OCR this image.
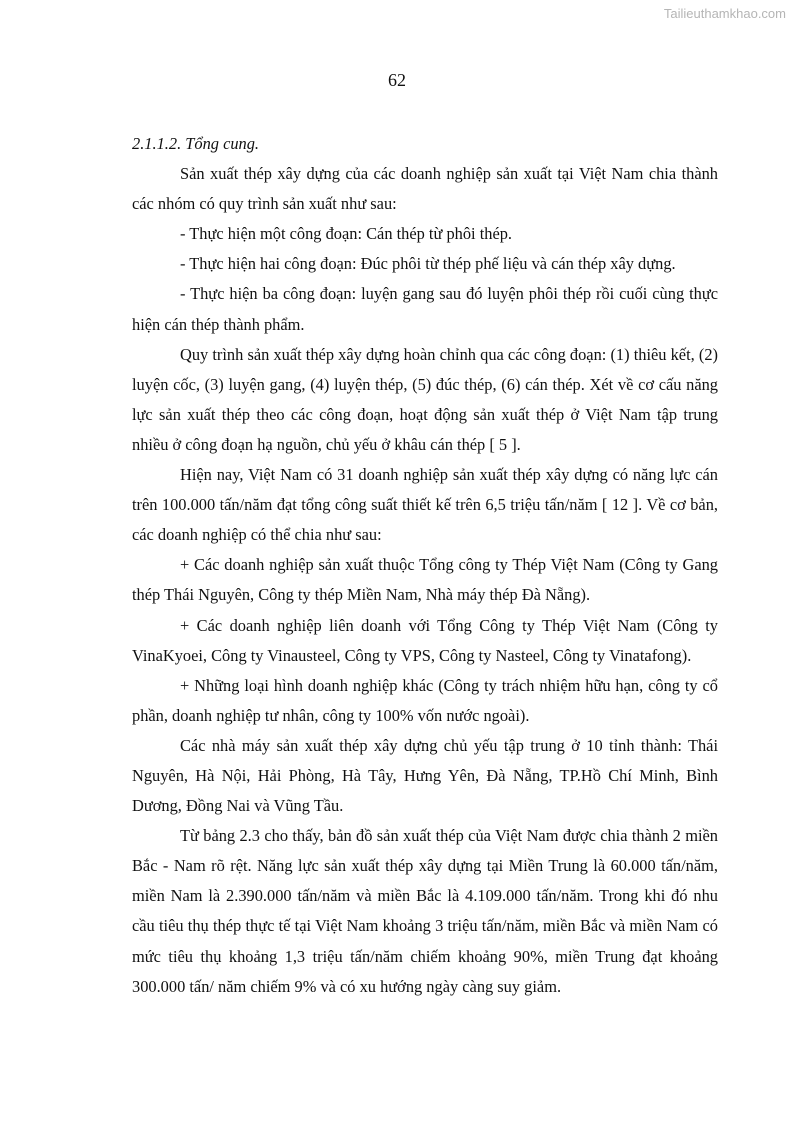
Tailieuthamkhao.com
62
2.1.1.2. Tổng cung.

Sản xuất thép xây dựng của các doanh nghiệp sản xuất tại Việt Nam chia thành các nhóm có quy trình sản xuất như sau:

- Thực hiện một công đoạn: Cán thép từ phôi thép.

- Thực hiện hai công đoạn: Đúc phôi từ thép phế liệu và cán thép xây dựng.

- Thực hiện ba công đoạn: luyện gang sau đó luyện phôi thép rồi cuối cùng thực hiện cán thép thành phẩm.

Quy trình sản xuất thép xây dựng hoàn chỉnh qua các công đoạn: (1) thiêu kết, (2) luyện cốc, (3) luyện gang, (4) luyện thép, (5) đúc thép, (6) cán thép. Xét về cơ cấu năng lực sản xuất thép theo các công đoạn, hoạt động sản xuất thép ở Việt Nam tập trung nhiều ở công đoạn hạ nguồn, chủ yếu ở khâu cán thép [ 5 ].

Hiện nay, Việt Nam có 31 doanh nghiệp sản xuất thép xây dựng có năng lực cán trên 100.000 tấn/năm đạt tổng công suất thiết kế trên 6,5 triệu tấn/năm [ 12 ]. Về cơ bản, các doanh nghiệp có thể chia như sau:

+ Các doanh nghiệp sản xuất thuộc Tổng công ty Thép Việt Nam (Công ty Gang thép Thái Nguyên, Công ty thép Miền Nam, Nhà máy thép Đà Nẵng).

+ Các doanh nghiệp liên doanh với Tổng Công ty Thép Việt Nam (Công ty VinaKyoei, Công ty Vinausteel, Công ty VPS, Công ty Nasteel, Công ty Vinatafong).

+ Những loại hình doanh nghiệp khác (Công ty trách nhiệm hữu hạn, công ty cổ phần, doanh nghiệp tư nhân, công ty 100% vốn nước ngoài).

Các nhà máy sản xuất thép xây dựng chủ yếu tập trung ở 10 tỉnh thành: Thái Nguyên, Hà Nội, Hải Phòng, Hà Tây, Hưng Yên, Đà Nẵng, TP.Hồ Chí Minh, Bình Dương, Đồng Nai và Vũng Tầu.

Từ bảng 2.3 cho thấy, bản đồ sản xuất thép của Việt Nam được chia thành 2 miền Bắc - Nam rõ rệt. Năng lực sản xuất thép xây dựng tại Miền Trung là 60.000 tấn/năm, miền Nam là 2.390.000 tấn/năm và miền Bắc là 4.109.000 tấn/năm. Trong khi đó nhu cầu tiêu thụ thép thực tế tại Việt Nam khoảng 3 triệu tấn/năm, miền Bắc và miền Nam có mức tiêu thụ khoảng 1,3 triệu tấn/năm chiếm khoảng 90%, miền Trung đạt khoảng 300.000 tấn/ năm chiếm 9% và có xu hướng ngày càng suy giảm.
